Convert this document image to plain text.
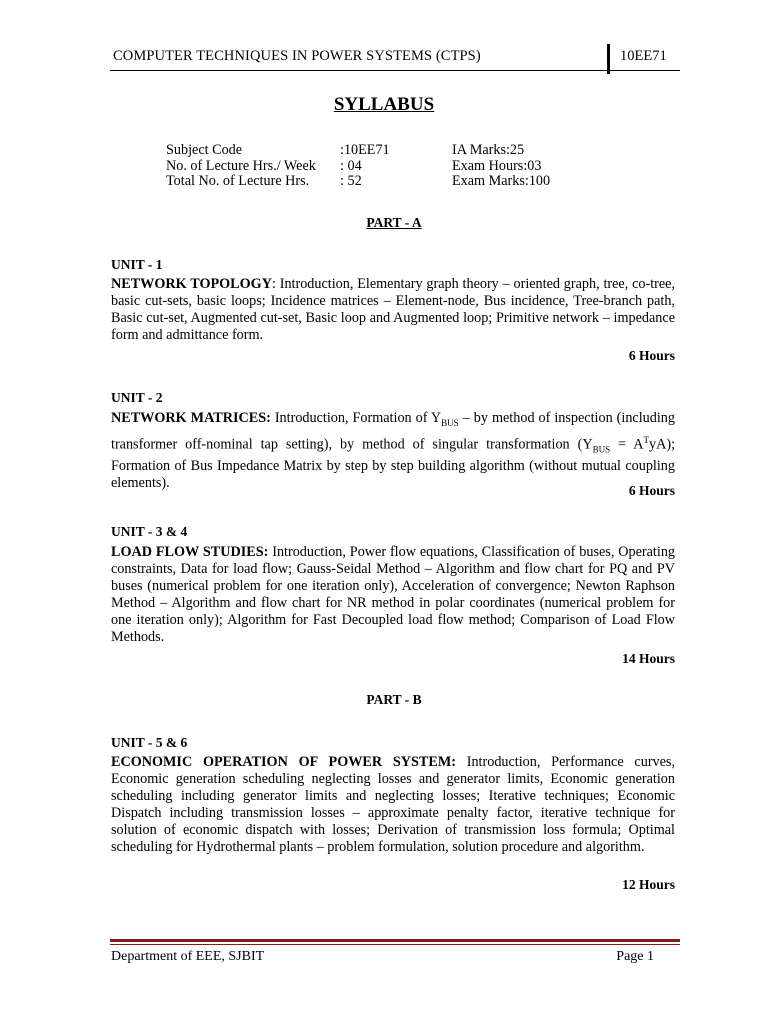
COMPUTER TECHNIQUES IN POWER SYSTEMS (CTPS)	10EE71
SYLLABUS
Subject Code	:10EE71	IA Marks:25
No. of Lecture Hrs./ Week : 04	Exam Hours:03
Total No. of Lecture Hrs. : 52	Exam Marks:100
PART - A
UNIT - 1
NETWORK TOPOLOGY: Introduction, Elementary graph theory – oriented graph, tree, co-tree, basic cut-sets, basic loops; Incidence matrices – Element-node, Bus incidence, Tree-branch path, Basic cut-set, Augmented cut-set, Basic loop and Augmented loop; Primitive network – impedance form and admittance form.
6 Hours
UNIT - 2
NETWORK MATRICES: Introduction, Formation of $Y_{BUS}$ – by method of inspection (including transformer off-nominal tap setting), by method of singular transformation $(Y_{BUS} = A^TyA)$; Formation of Bus Impedance Matrix by step by step building algorithm (without mutual coupling elements).	6 Hours
UNIT - 3 & 4
LOAD FLOW STUDIES: Introduction, Power flow equations, Classification of buses, Operating constraints, Data for load flow; Gauss-Seidal Method – Algorithm and flow chart for PQ and PV buses (numerical problem for one iteration only), Acceleration of convergence; Newton Raphson Method – Algorithm and flow chart for NR method in polar coordinates (numerical problem for one iteration only); Algorithm for Fast Decoupled load flow method; Comparison of Load Flow Methods.
14 Hours
PART - B
UNIT - 5 & 6
ECONOMIC OPERATION OF POWER SYSTEM: Introduction, Performance curves, Economic generation scheduling neglecting losses and generator limits, Economic generation scheduling including generator limits and neglecting losses; Iterative techniques; Economic Dispatch including transmission losses – approximate penalty factor, iterative technique for solution of economic dispatch with losses; Derivation of transmission loss formula; Optimal scheduling for Hydrothermal plants – problem formulation, solution procedure and algorithm.
12 Hours
Department of EEE, SJBIT	Page 1
